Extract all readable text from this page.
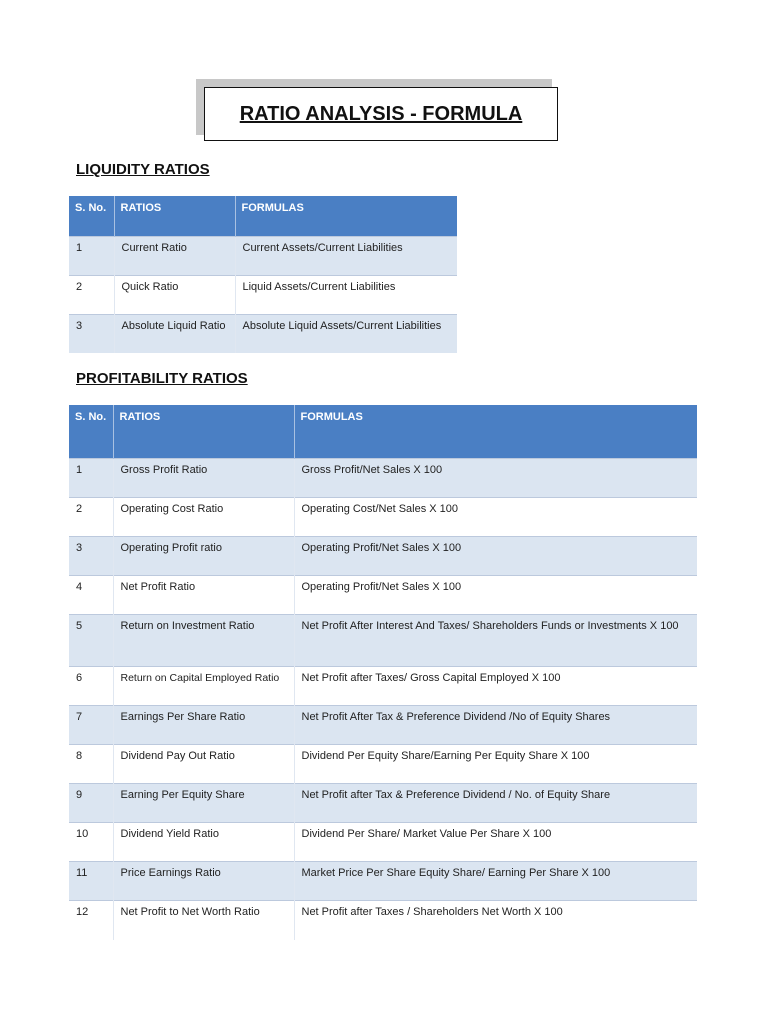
RATIO ANALYSIS - FORMULA
LIQUIDITY RATIOS
S. No.	RATIOS	FORMULAS
1	Current Ratio	Current Assets/Current Liabilities
2	Quick Ratio	Liquid Assets/Current Liabilities
3	Absolute Liquid Ratio	Absolute Liquid Assets/Current Liabilities
PROFITABILITY RATIOS
S. No.	RATIOS	FORMULAS
1	Gross Profit Ratio	Gross Profit/Net Sales X 100
2	Operating Cost Ratio	Operating Cost/Net Sales X 100
3	Operating Profit ratio	Operating Profit/Net Sales X 100
4	Net Profit Ratio	Operating Profit/Net Sales X 100
5	Return on Investment Ratio	Net Profit After Interest And Taxes/ Shareholders Funds or Investments X 100
6	Return on Capital Employed Ratio	Net Profit after Taxes/ Gross Capital Employed X 100
7	Earnings Per Share Ratio	Net Profit After Tax & Preference Dividend /No of Equity Shares
8	Dividend Pay Out Ratio	Dividend Per Equity Share/Earning Per Equity Share X 100
9	Earning Per Equity Share	Net Profit after Tax & Preference Dividend / No. of Equity Share
10	Dividend Yield Ratio	Dividend Per Share/ Market Value Per Share X 100
11	Price Earnings Ratio	Market Price Per Share Equity Share/ Earning Per Share X 100
12	Net Profit to Net Worth Ratio	Net Profit after Taxes / Shareholders Net Worth X 100
